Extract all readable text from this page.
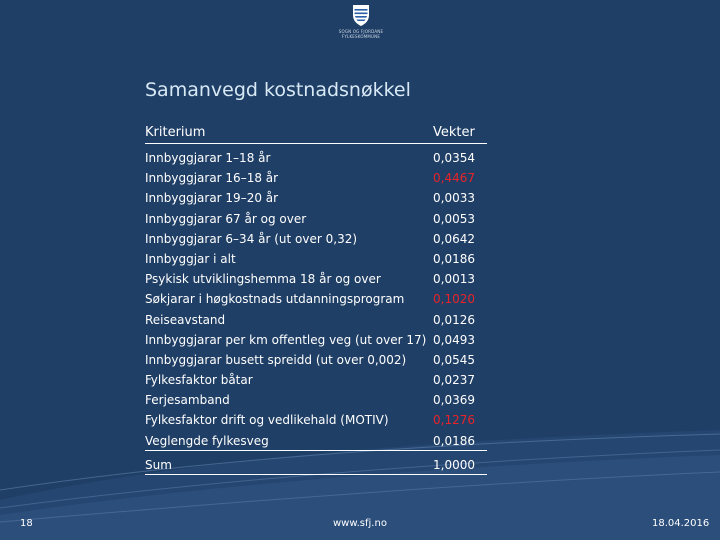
SOGN OG FJORDANE
FYLKESKOMMUNE
Samanvegd kostnadsnøkkel
Kriterium	Vekter
Innbyggjarar 1–18 år	0,0354
Innbyggjarar 16–18 år	0,4467
Innbyggjarar 19–20 år	0,0033
Innbyggjarar 67 år og over	0,0053
Innbyggjarar 6–34 år (ut over 0,32)	0,0642
Innbyggjar i alt	0,0186
Psykisk utviklingshemma 18 år og over	0,0013
Søkjarar i høgkostnads utdanningsprogram 0,1020
Reiseavstand	0,0126
Innbyggjarar per km offentleg veg (ut over 17) 0,0493
Innbyggjarar busett spreidd (ut over 0,002) 0,0545
Fylkesfaktor båtar	0,0237
Ferjesamband	0,0369
Fylkesfaktor drift og vedlikehald (MOTIV)	0,1276
Veglengde fylkesveg	0,0186
Sum	1,0000
18	www.sfj.no	18.04.2016
